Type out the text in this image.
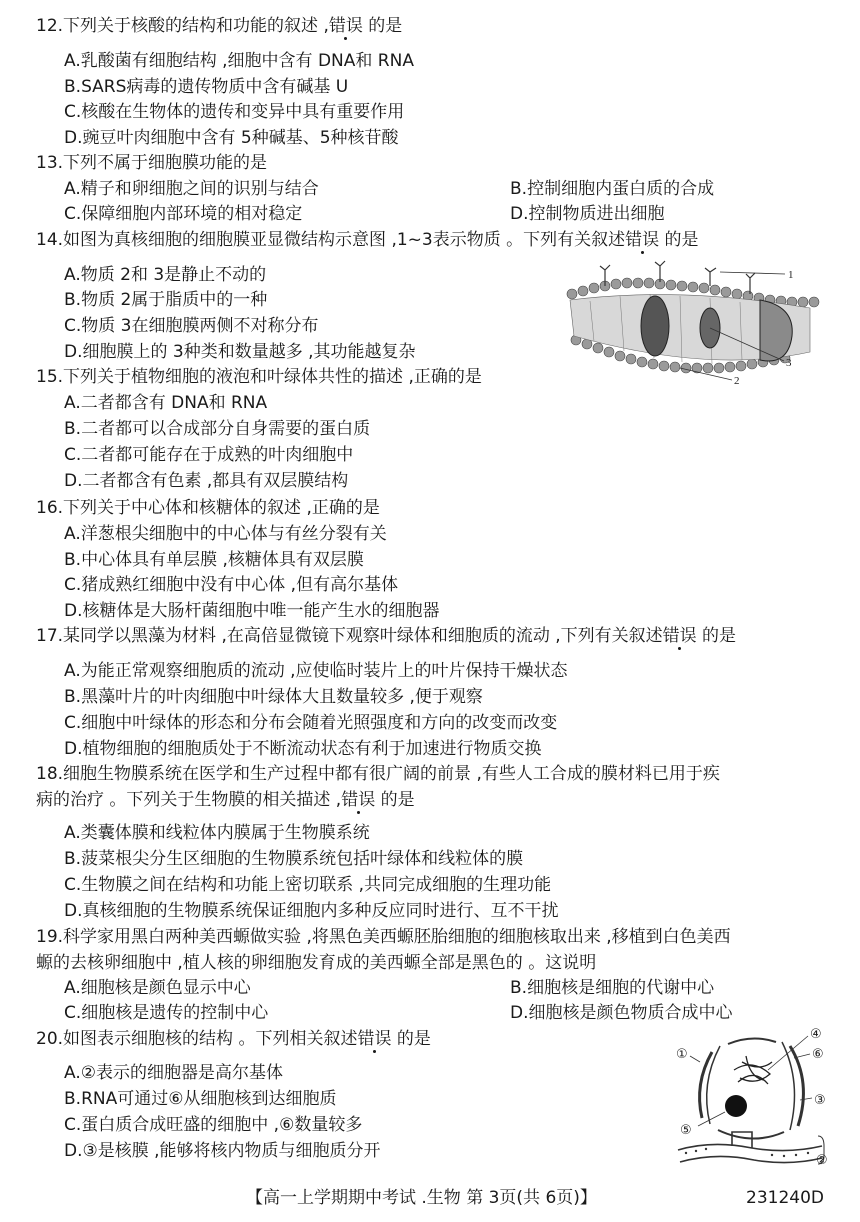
12.下列关于核酸的结构和功能的叙述 ,错误 的是
A.乳酸菌有细胞结构 ,细胞中含有 DNA和 RNA
B.SARS病毒的遗传物质中含有碱基 U
C.核酸在生物体的遗传和变异中具有重要作用
D.豌豆叶肉细胞中含有 5种碱基、5种核苷酸
13.下列不属于细胞膜功能的是
A.精子和卵细胞之间的识别与结合	B.控制细胞内蛋白质的合成
C.保障细胞内部环境的相对稳定	D.控制物质进出细胞
14.如图为真核细胞的细胞膜亚显微结构示意图 ,1~3表示物质 。下列有关叙述错误 的是
A.物质 2和 3是静止不动的
B.物质 2属于脂质中的一种
C.物质 3在细胞膜两侧不对称分布
D.细胞膜上的 3种类和数量越多 ,其功能越复杂
1
2
3
15.下列关于植物细胞的液泡和叶绿体共性的描述 ,正确的是
A.二者都含有 DNA和 RNA
B.二者都可以合成部分自身需要的蛋白质
C.二者都可能存在于成熟的叶肉细胞中
D.二者都含有色素 ,都具有双层膜结构
16.下列关于中心体和核糖体的叙述 ,正确的是
A.洋葱根尖细胞中的中心体与有丝分裂有关
B.中心体具有单层膜 ,核糖体具有双层膜
C.猪成熟红细胞中没有中心体 ,但有高尔基体
D.核糖体是大肠杆菌细胞中唯一能产生水的细胞器
17.某同学以黑藻为材料 ,在高倍显微镜下观察叶绿体和细胞质的流动 ,下列有关叙述错误 的是
A.为能正常观察细胞质的流动 ,应使临时装片上的叶片保持干燥状态
B.黑藻叶片的叶肉细胞中叶绿体大且数量较多 ,便于观察
C.细胞中叶绿体的形态和分布会随着光照强度和方向的改变而改变
D.植物细胞的细胞质处于不断流动状态有利于加速进行物质交换
18.细胞生物膜系统在医学和生产过程中都有很广阔的前景 ,有些人工合成的膜材料已用于疾
病的治疗 。下列关于生物膜的相关描述 ,错误 的是
A.类囊体膜和线粒体内膜属于生物膜系统
B.菠菜根尖分生区细胞的生物膜系统包括叶绿体和线粒体的膜
C.生物膜之间在结构和功能上密切联系 ,共同完成细胞的生理功能
D.真核细胞的生物膜系统保证细胞内多种反应同时进行、互不干扰
19.科学家用黑白两种美西螈做实验 ,将黑色美西螈胚胎细胞的细胞核取出来 ,移植到白色美西
螈的去核卵细胞中 ,植人核的卵细胞发育成的美西螈全部是黑色的 。这说明
A.细胞核是颜色显示中心	B.细胞核是细胞的代谢中心
C.细胞核是遗传的控制中心	D.细胞核是颜色物质合成中心
20.如图表示细胞核的结构 。下列相关叙述错误 的是
A.②表示的细胞器是高尔基体
B.RNA可通过⑥从细胞核到达细胞质
C.蛋白质合成旺盛的细胞中 ,⑥数量较多
D.③是核膜 ,能够将核内物质与细胞质分开
①
②
③
④
⑤
⑥
【高一上学期期中考试 .生物 第 3页(共 6页)】	231240D
